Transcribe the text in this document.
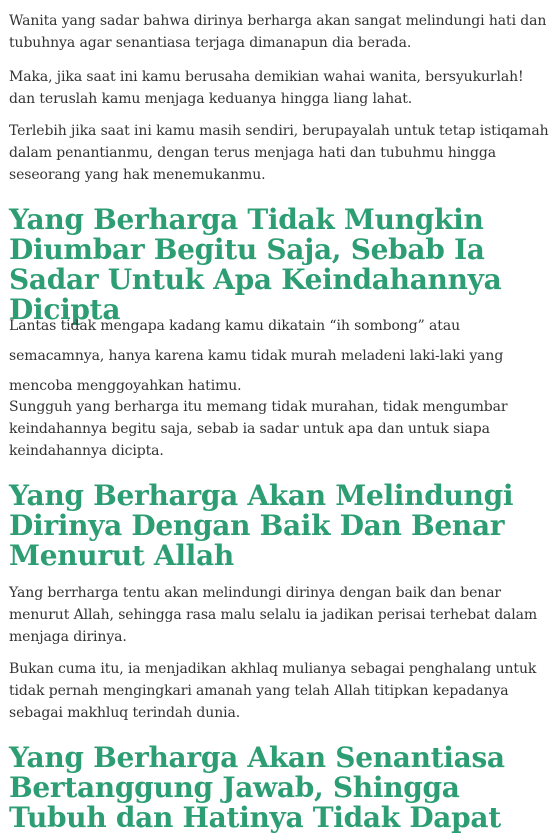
Wanita yang sadar bahwa dirinya berharga akan sangat melindungi hati dan tubuhnya agar senantiasa terjaga dimanapun dia berada.

Maka, jika saat ini kamu berusaha demikian wahai wanita, bersyukurlah! dan teruslah kamu menjaga keduanya hingga liang lahat.

Terlebih jika saat ini kamu masih sendiri, berupayalah untuk tetap istiqamah dalam penantianmu, dengan terus menjaga hati dan tubuhmu hingga seseorang yang hak menemukanmu.

Yang Berharga Tidak Mungkin Diumbar Begitu Saja, Sebab Ia Sadar Untuk Apa Keindahannya Dicipta

Lantas tidak mengapa kadang kamu dikatain “ih sombong” atau semacamnya, hanya karena kamu tidak murah meladeni laki-laki yang mencoba menggoyahkan hatimu.

Sungguh yang berharga itu memang tidak murahan, tidak mengumbar keindahannya begitu saja, sebab ia sadar untuk apa dan untuk siapa keindahannya dicipta.

Yang Berharga Akan Melindungi Dirinya Dengan Baik Dan Benar Menurut Allah

Yang berrharga tentu akan melindungi dirinya dengan baik dan benar menurut Allah, sehingga rasa malu selalu ia jadikan perisai terhebat dalam menjaga dirinya.

Bukan cuma itu, ia menjadikan akhlaq mulianya sebagai penghalang untuk tidak pernah mengingkari amanah yang telah Allah titipkan kepadanya sebagai makhluq terindah dunia.

Yang Berharga Akan Senantiasa Bertanggung Jawab, Shingga Tubuh dan Hatinya Tidak Dapat
